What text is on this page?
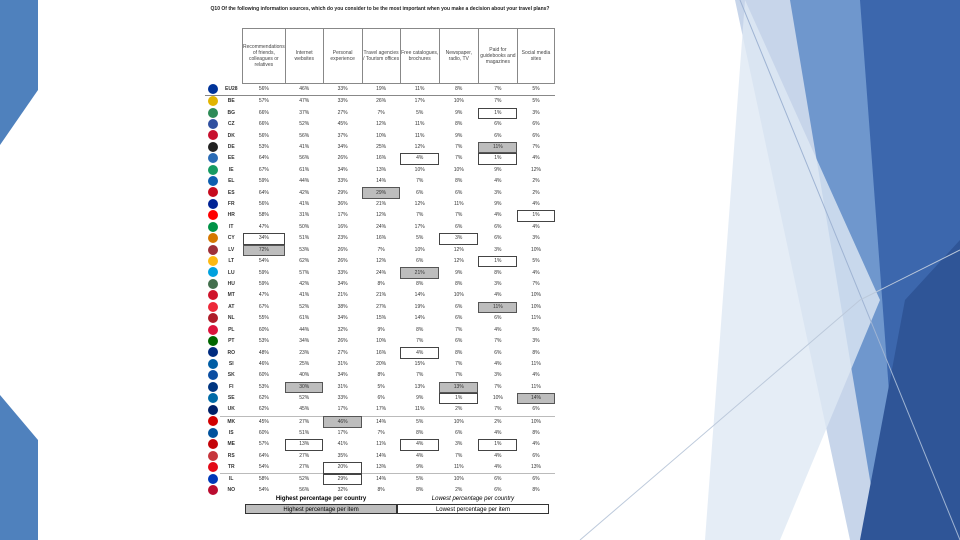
Q10 Of the following information sources, which do you consider to be the most important when you make a decision about your travel plans?
		Recommendations of friends, colleagues or relatives	Internet websites	Personal experience	Travel agencies / Tourism offices	Free catalogues, brochures	Newspaper, radio, TV	Paid for guidebooks and magazines	Social media sites
	EU28	56%	46%	33%	19%	11%	8%	7%	5%
	BE	57%	47%	33%	26%	17%	10%	7%	5%
	BG	66%	37%	27%	7%	5%	9%	1%	3%
	CZ	66%	52%	45%	12%	11%	8%	6%	6%
	DK	56%	56%	37%	10%	11%	9%	6%	6%
	DE	53%	41%	34%	25%	12%	7%	11%	7%
	EE	64%	56%	26%	16%	4%	7%	1%	4%
	IE	67%	61%	34%	13%	10%	10%	9%	12%
	EL	59%	44%	33%	14%	7%	8%	4%	2%
	ES	64%	42%	29%	29%	6%	6%	3%	2%
	FR	56%	41%	36%	21%	12%	11%	9%	4%
	HR	58%	31%	17%	12%	7%	7%	4%	1%
	IT	47%	50%	16%	24%	17%	6%	6%	4%
	CY	34%	51%	23%	16%	5%	3%	6%	3%
	LV	72%	53%	26%	7%	10%	12%	3%	10%
	LT	54%	62%	26%	12%	6%	12%	1%	5%
	LU	59%	57%	33%	24%	21%	9%	8%	4%
	HU	59%	42%	34%	8%	8%	8%	3%	7%
	MT	47%	41%	21%	21%	14%	10%	4%	10%
	AT	67%	52%	38%	27%	19%	6%	11%	10%
	NL	55%	61%	34%	15%	14%	6%	6%	11%
	PL	60%	44%	32%	9%	8%	7%	4%	5%
	PT	53%	34%	26%	10%	7%	6%	7%	3%
	RO	48%	23%	27%	16%	4%	8%	6%	8%
	SI	46%	25%	31%	20%	15%	7%	4%	11%
	SK	60%	40%	34%	8%	7%	7%	3%	4%
	FI	53%	30%	31%	5%	13%	13%	7%	11%
	SE	62%	52%	33%	6%	9%	1%	10%	14%
	UK	62%	45%	17%	17%	11%	2%	7%	6%
	MK	45%	27%	46%	14%	5%	10%	2%	10%
	IS	60%	51%	17%	7%	8%	6%	4%	8%
	ME	57%	13%	41%	11%	4%	3%	1%	4%
	RS	64%	27%	35%	14%	4%	7%	4%	6%
	TR	54%	27%	20%	13%	9%	11%	4%	13%
	IL	58%	52%	29%	14%	5%	10%	6%	6%
	NO	54%	56%	32%	8%	8%	2%	6%	8%
Highest percentage per country	Lowest percentage per country
Highest percentage per item	Lowest percentage per item
